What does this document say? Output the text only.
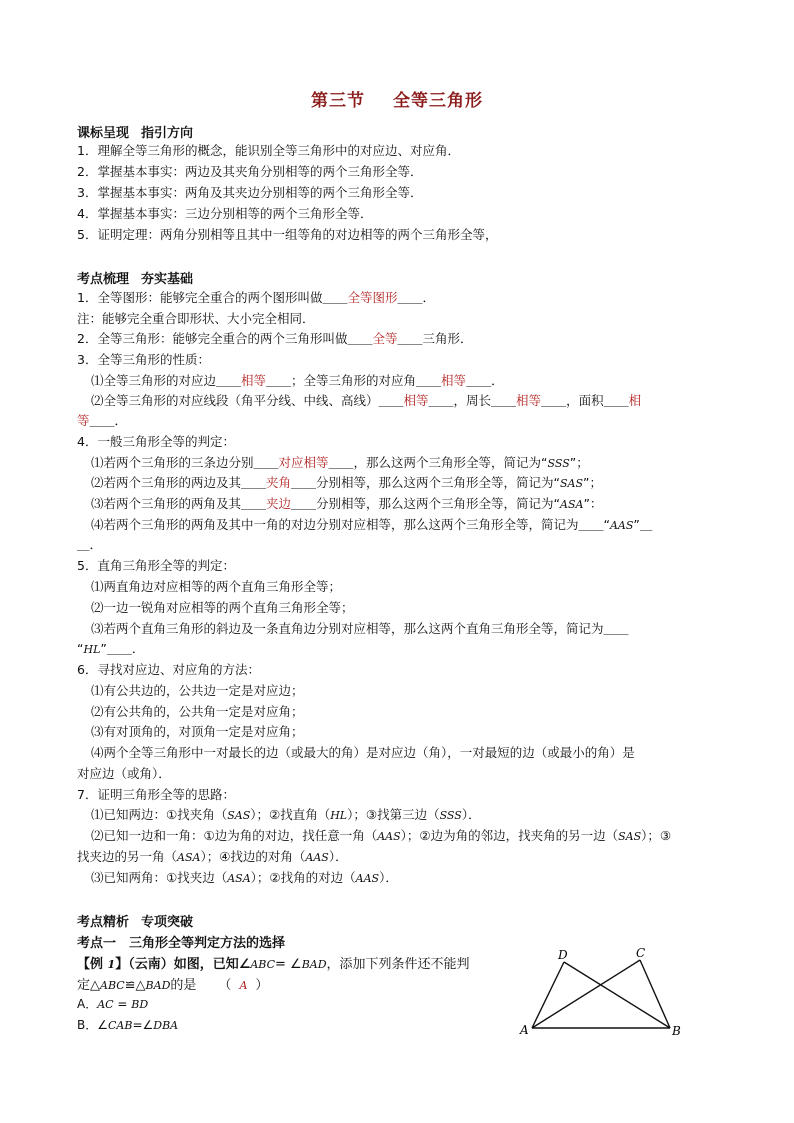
第三节 全等三角形
课标呈现 指引方向
1．理解全等三角形的概念，能识别全等三角形中的对应边、对应角．
2．掌握基本事实：两边及其夹角分别相等的两个三角形全等．
3．掌握基本事实：两角及其夹边分别相等的两个三角形全等．
4．掌握基本事实：三边分别相等的两个三角形全等．
5．证明定理：两角分别相等且其中一组等角的对边相等的两个三角形全等，
考点梳理 夯实基础
1．全等图形：能够完全重合的两个图形叫做＿＿全等图形＿＿．
注：能够完全重合即形状、大小完全相同．
2．全等三角形：能够完全重合的两个三角形叫做＿＿全等＿＿三角形．
3．全等三角形的性质：
⑴全等三角形的对应边＿＿相等＿＿；全等三角形的对应角＿＿相等＿＿．
⑵全等三角形的对应线段（角平分线、中线、高线）＿＿相等＿＿，周长＿＿相等＿＿，面积＿＿相
等＿＿．
4．一般三角形全等的判定：
⑴若两个三角形的三条边分别＿＿对应相等＿＿，那么这两个三角形全等，简记为“SSS”；
⑵若两个三角形的两边及其＿＿夹角＿＿分别相等，那么这两个三角形全等，简记为“SAS”；
⑶若两个三角形的两角及其＿＿夹边＿＿分别相等，那么这两个三角形全等，简记为“ASA”：
⑷若两个三角形的两角及其中一角的对边分别对应相等，那么这两个三角形全等，简记为＿＿“AAS”＿
＿．
5．直角三角形全等的判定：
⑴两直角边对应相等的两个直角三角形全等；
⑵一边一锐角对应相等的两个直角三角形全等；
⑶若两个直角三角形的斜边及一条直角边分别对应相等，那么这两个直角三角形全等，简记为＿＿
“HL”＿＿．
6．寻找对应边、对应角的方法：
⑴有公共边的，公共边一定是对应边；
⑵有公共角的，公共角一定是对应角；
⑶有对顶角的，对顶角一定是对应角；
⑷两个全等三角形中一对最长的边（或最大的角）是对应边（角），一对最短的边（或最小的角）是
对应边（或角）．
7．证明三角形全等的思路：
⑴已知两边：①找夹角（SAS）；②找直角（HL）；③找第三边（SSS）．
⑵已知一边和一角：①边为角的对边，找任意一角（AAS）；②边为角的邻边，找夹角的另一边（SAS）；③
找夹边的另一角（ASA）；④找边的对角（AAS）．
⑶已知两角：①找夹边（ASA）；②找角的对边（AAS）．
考点精析 专项突破
考点一　三角形全等判定方法的选择
【例 1】（云南）如图，已知∠ABC= ∠BAD，添加下列条件还不能判
定△ABC≌△BAD的是 （ A ）
A．AC = BD
B．∠CAB=∠DBA
D	C
A	B
